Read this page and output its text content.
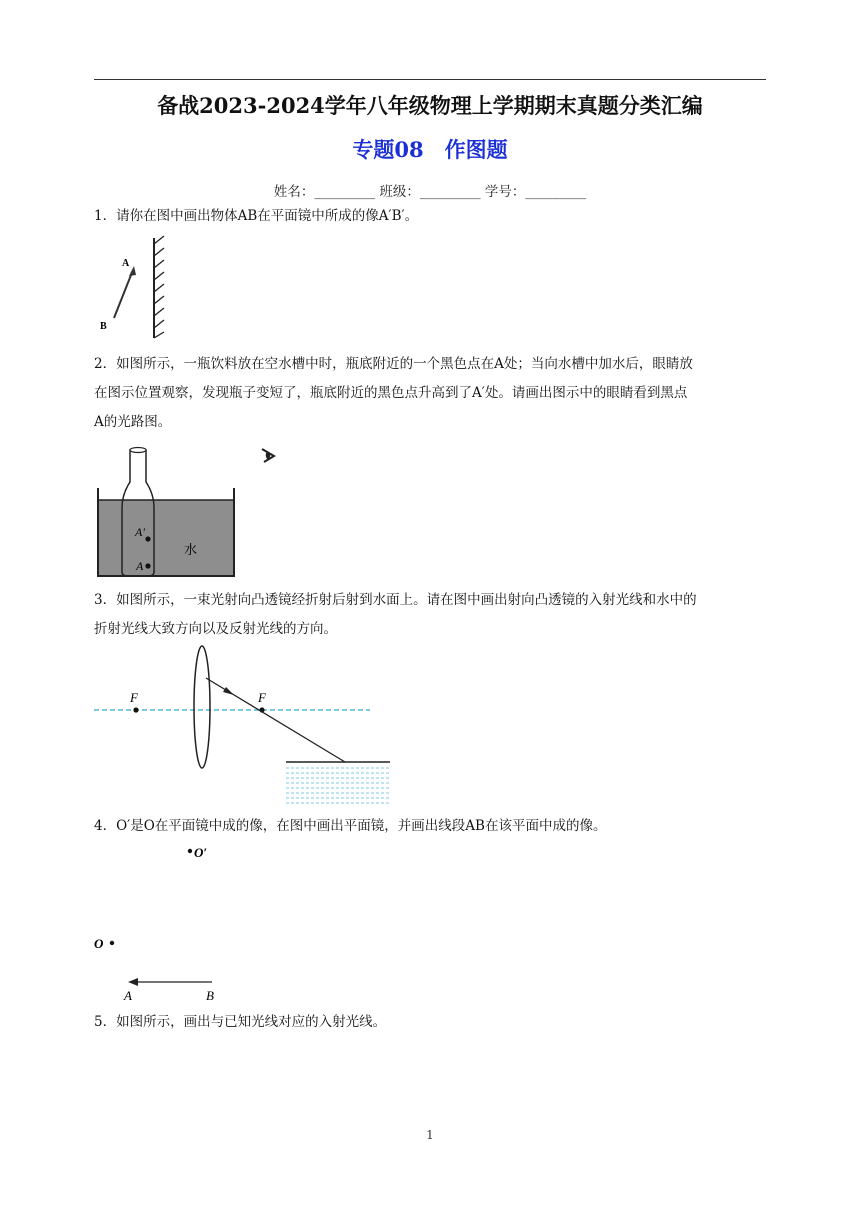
备战2023-2024学年八年级物理上学期期末真题分类汇编
专题08　作图题
姓名：_________ 班级：_________ 学号：_________
1．请你在图中画出物体AB在平面镜中所成的像A′B′。
A
B
2．如图所示，一瓶饮料放在空水槽中时，瓶底附近的一个黑色点在A处；当向水槽中加水后，眼睛放
在图示位置观察，发现瓶子变短了，瓶底附近的黑色点升高到了A′处。请画出图示中的眼睛看到黑点
A的光路图。
A′
A
水
3．如图所示，一束光射向凸透镜经折射后射到水面上。请在图中画出射向凸透镜的入射光线和水中的
折射光线大致方向以及反射光线的方向。
F	F
4．O′是O在平面镜中成的像，在图中画出平面镜，并画出线段AB在该平面中成的像。
O′
O
A	B
5．如图所示，画出与已知光线对应的入射光线。
1
